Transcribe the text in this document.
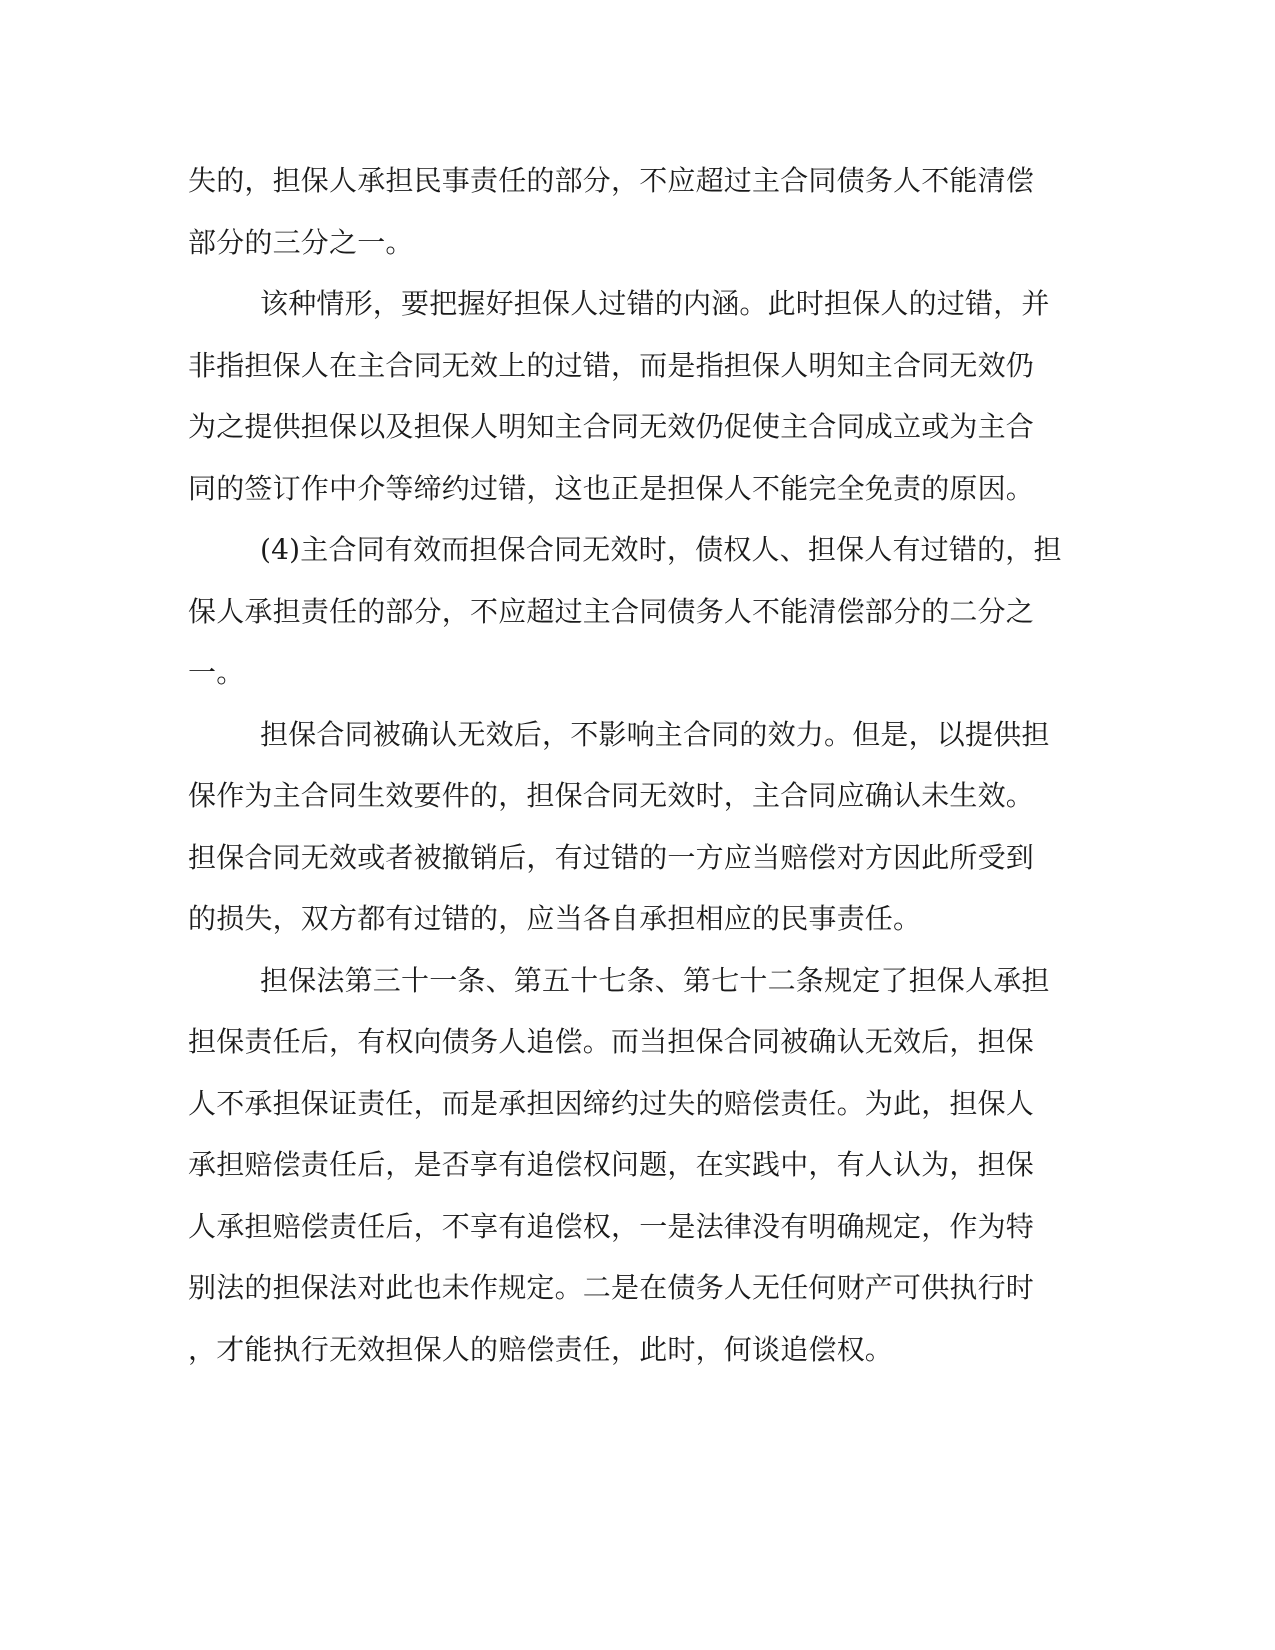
失的，担保人承担民事责任的部分，不应超过主合同债务人不能清偿
部分的三分之一。
该种情形，要把握好担保人过错的内涵。此时担保人的过错，并
非指担保人在主合同无效上的过错，而是指担保人明知主合同无效仍
为之提供担保以及担保人明知主合同无效仍促使主合同成立或为主合
同的签订作中介等缔约过错，这也正是担保人不能完全免责的原因。
(4)主合同有效而担保合同无效时，债权人、担保人有过错的，担
保人承担责任的部分，不应超过主合同债务人不能清偿部分的二分之
一。
担保合同被确认无效后，不影响主合同的效力。但是，以提供担
保作为主合同生效要件的，担保合同无效时，主合同应确认未生效。
担保合同无效或者被撤销后，有过错的一方应当赔偿对方因此所受到
的损失，双方都有过错的，应当各自承担相应的民事责任。
担保法第三十一条、第五十七条、第七十二条规定了担保人承担
担保责任后，有权向债务人追偿。而当担保合同被确认无效后，担保
人不承担保证责任，而是承担因缔约过失的赔偿责任。为此，担保人
承担赔偿责任后，是否享有追偿权问题，在实践中，有人认为，担保
人承担赔偿责任后，不享有追偿权，一是法律没有明确规定，作为特
别法的担保法对此也未作规定。二是在债务人无任何财产可供执行时
，才能执行无效担保人的赔偿责任，此时，何谈追偿权。
